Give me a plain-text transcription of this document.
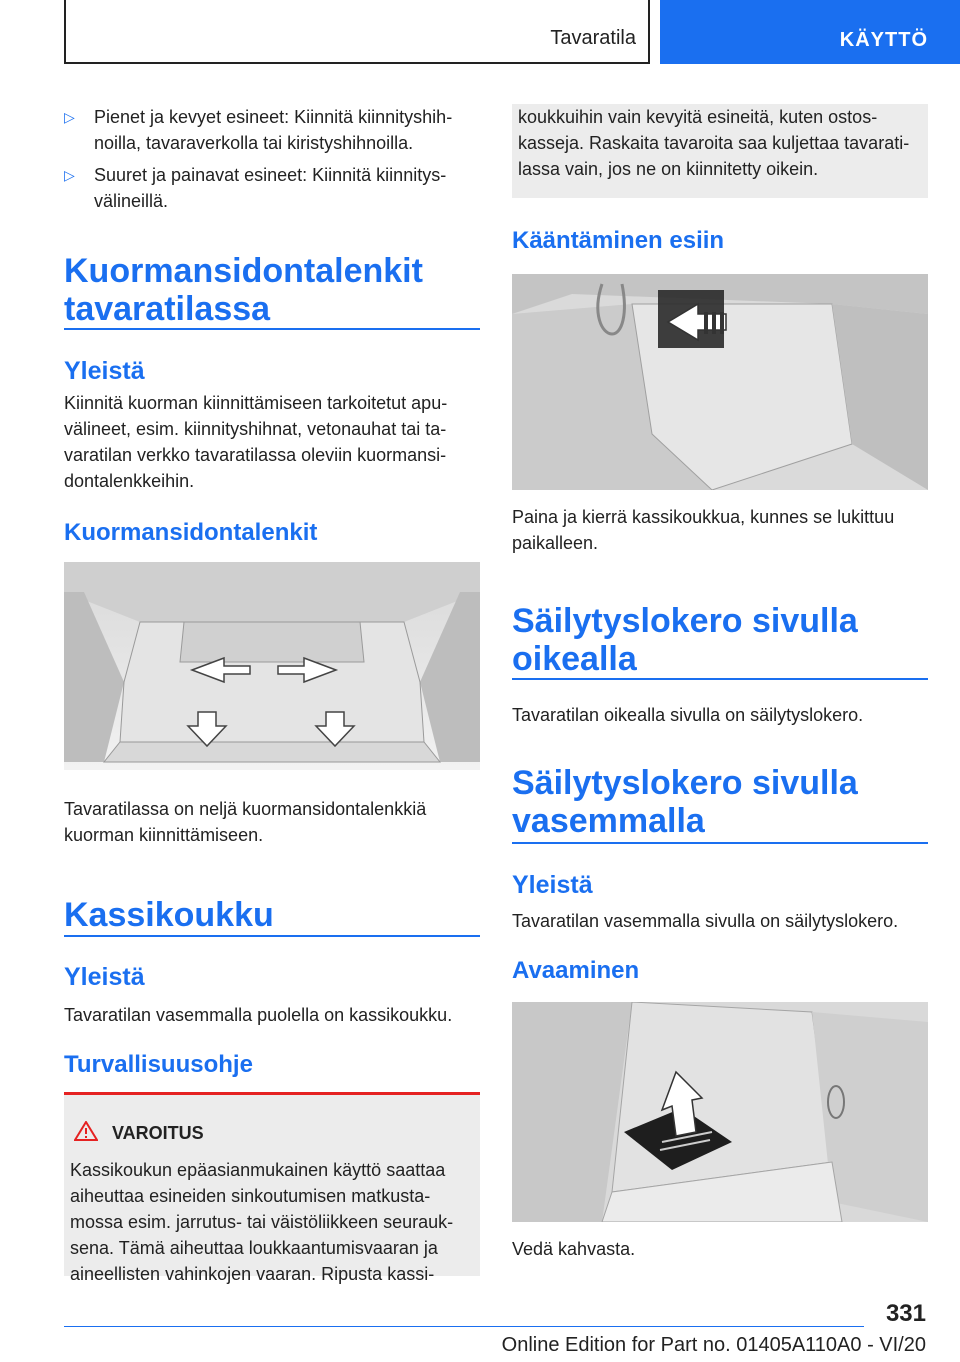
Tavaratila	KÄYTTÖ
▷ Pienet ja kevyet esineet: Kiinnitä kiinnityshih-noilla, tavaraverkolla tai kiristyshihnoilla.
▷ Suuret ja painavat esineet: Kiinnitä kiinnitys-välineillä.
Kuormansidontalenkit tavaratilassa
Yleistä
Kiinnitä kuorman kiinnittämiseen tarkoitetut apu-välineet, esim. kiinnityshihnat, vetonauhat tai ta-varatilan verkko tavaratilassa oleviin kuormansi-dontalenkkeihin.
Kuormansidontalenkit
Tavaratilassa on neljä kuormansidontalenkkiä kuorman kiinnittämiseen.
Kassikoukku
Yleistä
Tavaratilan vasemmalla puolella on kassikoukku.
Turvallisuusohje
VAROITUS
Kassikoukun epäasianmukainen käyttö saattaa aiheuttaa esineiden sinkoutumisen matkusta-mossa esim. jarrutus- tai väistöliikkeen seurauk-sena. Tämä aiheuttaa loukkaantumisvaaran ja aineellisten vahinkojen vaaran. Ripusta kassi-
koukkuihin vain kevyitä esineitä, kuten ostos-kasseja. Raskaita tavaroita saa kuljettaa tavarati-lassa vain, jos ne on kiinnitetty oikein.
Kääntäminen esiin
Paina ja kierrä kassikoukkua, kunnes se lukittuu paikalleen.
Säilytyslokero sivulla oikealla
Tavaratilan oikealla sivulla on säilytyslokero.
Säilytyslokero sivulla vasemmalla
Yleistä
Tavaratilan vasemmalla sivulla on säilytyslokero.
Avaaminen
Vedä kahvasta.
331
Online Edition for Part no. 01405A110A0 - VI/20
